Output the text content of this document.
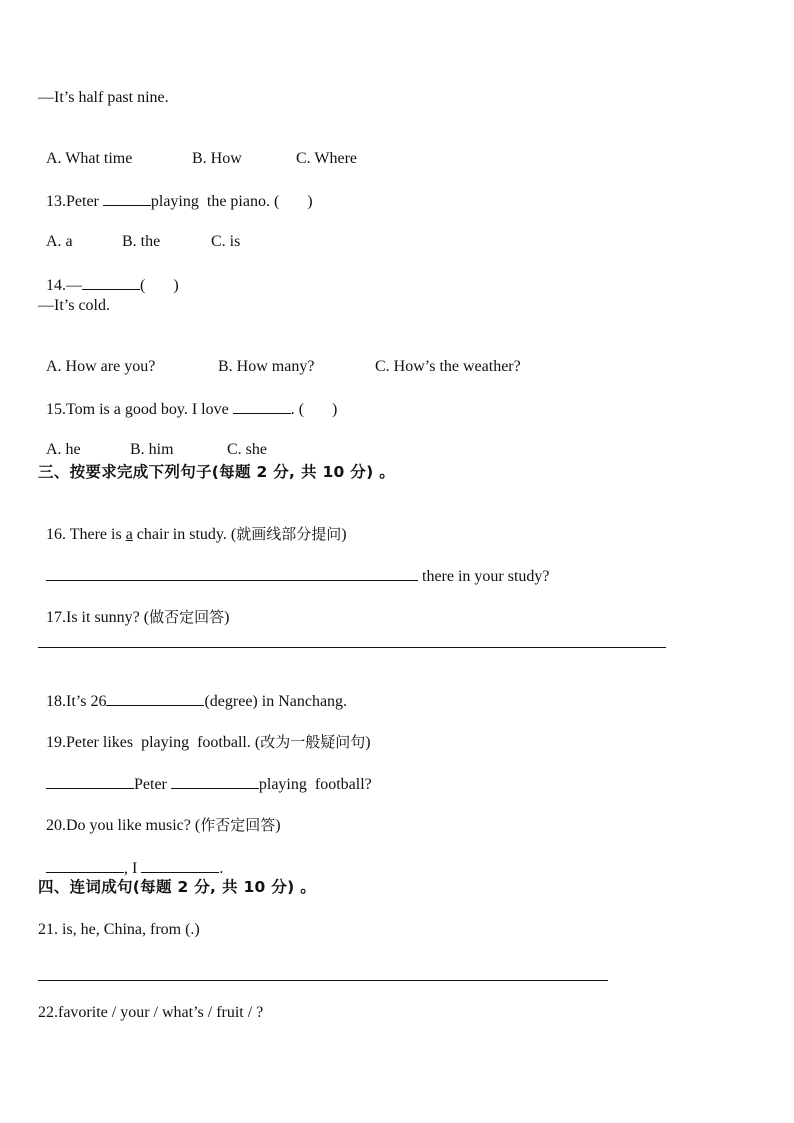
—It’s half past nine.

A. What time	B. How	C. Where

13.Peter	playing  the piano. (       )

A. a	B. the	C. is

14.—	(       )

—It’s cold.

A. How are you?	B. How many?	C. How’s the weather?

15.Tom is a good boy. I love	. (       )

A. he	B. him	C. she

三、按要求完成下列句子(每题 2 分, 共 10 分) 。

16. There is a chair in study. (就画线部分提问)

there in your study?

17.Is it sunny? (做否定回答)

18.It’s 26	(degree) in Nanchang.

19.Peter likes  playing  football. (改为一般疑问句)

Peter	playing  football?

20.Do you like music? (作否定回答)

, I	.

四、连词成句(每题 2 分, 共 10 分) 。
21. is, he, China, from (.)
22.favorite / your / what’s / fruit / ?
